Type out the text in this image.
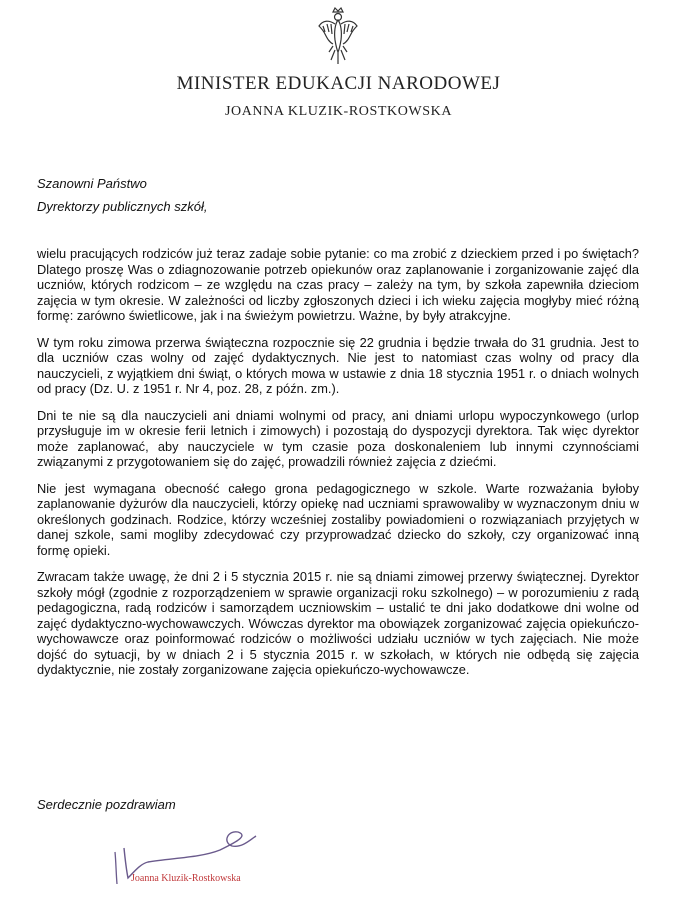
MINISTER EDUKACJI NARODOWEJ
JOANNA KLUZIK-ROSTKOWSKA
Szanowni Państwo
Dyrektorzy publicznych szkół,

wielu pracujących rodziców już teraz zadaje sobie pytanie: co ma zrobić z dzieckiem przed i po świętach? Dlatego proszę Was o zdiagnozowanie potrzeb opiekunów oraz zaplanowanie i zorganizowanie zajęć dla uczniów, których rodzicom – ze względu na czas pracy – zależy na tym, by szkoła zapewniła dzieciom zajęcia w tym okresie. W zależności od liczby zgłoszonych dzieci i ich wieku zajęcia mogłyby mieć różną formę: zarówno świetlicowe, jak i na świeżym powietrzu. Ważne, by były atrakcyjne.

W tym roku zimowa przerwa świąteczna rozpocznie się 22 grudnia i będzie trwała do 31 grudnia. Jest to dla uczniów czas wolny od zajęć dydaktycznych. Nie jest to natomiast czas wolny od pracy dla nauczycieli, z wyjątkiem dni świąt, o których mowa w ustawie z dnia 18 stycznia 1951 r. o dniach wolnych od pracy (Dz. U. z 1951 r. Nr 4, poz. 28, z późn. zm.).

Dni te nie są dla nauczycieli ani dniami wolnymi od pracy, ani dniami urlopu wypoczynkowego (urlop przysługuje im w okresie ferii letnich i zimowych) i pozostają do dyspozycji dyrektora. Tak więc dyrektor może zaplanować, aby nauczyciele w tym czasie poza doskonaleniem lub innymi czynnościami związanymi z przygotowaniem się do zajęć, prowadzili również zajęcia z dziećmi.

Nie jest wymagana obecność całego grona pedagogicznego w szkole. Warte rozważania byłoby zaplanowanie dyżurów dla nauczycieli, którzy opiekę nad uczniami sprawowaliby w wyznaczonym dniu w określonych godzinach. Rodzice, którzy wcześniej zostaliby powiadomieni o rozwiązaniach przyjętych w danej szkole, sami mogliby zdecydować czy przyprowadzać dziecko do szkoły, czy organizować inną formę opieki.

Zwracam także uwagę, że dni 2 i 5 stycznia 2015 r. nie są dniami zimowej przerwy świątecznej. Dyrektor szkoły mógł (zgodnie z rozporządzeniem w sprawie organizacji roku szkolnego) – w porozumieniu z radą pedagogiczna, radą rodziców i samorządem uczniowskim – ustalić te dni jako dodatkowe dni wolne od zajęć dydaktyczno-wychowawczych. Wówczas dyrektor ma obowiązek zorganizować zajęcia opiekuńczo-wychowawcze oraz poinformować rodziców o możliwości udziału uczniów w tych zajęciach. Nie może dojść do sytuacji, by w dniach 2 i 5 stycznia 2015 r. w szkołach, w których nie odbędą się zajęcia dydaktycznie, nie zostały zorganizowane zajęcia opiekuńczo-wychowawcze.

Serdecznie pozdrawiam
Joanna Kluzik-Rostkowska
